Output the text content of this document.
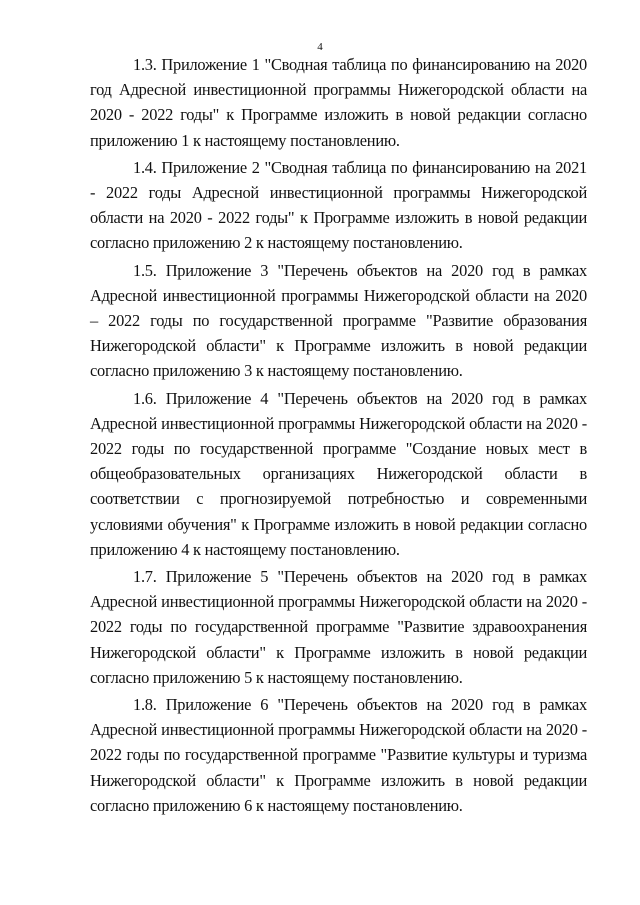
4

1.3. Приложение 1 "Сводная таблица по финансированию на 2020 год Адресной инвестиционной программы Нижегородской области на 2020 - 2022 годы" к Программе изложить в новой редакции согласно приложению 1 к настоящему постановлению.

1.4. Приложение 2 "Сводная таблица по финансированию на 2021 - 2022 годы Адресной инвестиционной программы Нижегородской области на 2020 - 2022 годы" к Программе изложить в новой редакции согласно приложению 2 к настоящему постановлению.

1.5. Приложение 3 "Перечень объектов на 2020 год в рамках Адресной инвестиционной программы Нижегородской области на 2020 – 2022 годы по государственной программе "Развитие образования Нижегородской области" к Программе изложить в новой редакции согласно приложению 3 к настоящему постановлению.

1.6. Приложение 4 "Перечень объектов на 2020 год в рамках Адресной инвестиционной программы Нижегородской области на 2020 - 2022 годы по государственной программе "Создание новых мест в общеобразовательных организациях Нижегородской области в соответствии с прогнозируемой потребностью и современными условиями обучения" к Программе изложить в новой редакции согласно приложению 4 к настоящему постановлению.

1.7. Приложение 5 "Перечень объектов на 2020 год в рамках Адресной инвестиционной программы Нижегородской области на 2020 - 2022 годы по государственной программе "Развитие здравоохранения Нижегородской области" к Программе изложить в новой редакции согласно приложению 5 к настоящему постановлению.

1.8. Приложение 6 "Перечень объектов на 2020 год в рамках Адресной инвестиционной программы Нижегородской области на 2020 - 2022 годы по государственной программе "Развитие культуры и туризма Нижегородской области" к Программе изложить в новой редакции согласно приложению 6 к настоящему постановлению.
